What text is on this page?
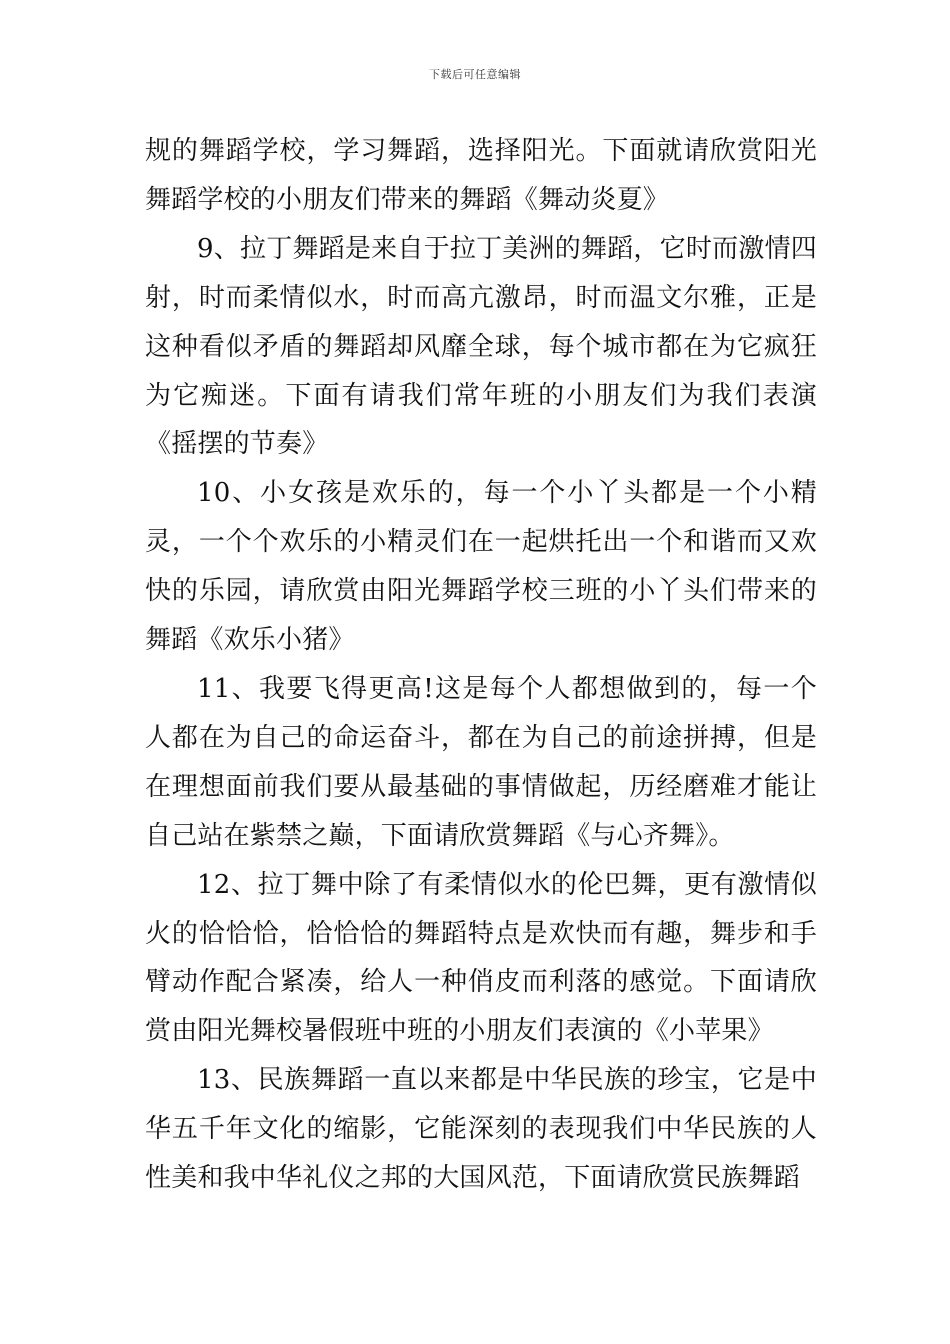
下载后可任意编辑

规的舞蹈学校，学习舞蹈，选择阳光。下面就请欣赏阳光舞蹈学校的小朋友们带来的舞蹈《舞动炎夏》

9、拉丁舞蹈是来自于拉丁美洲的舞蹈，它时而激情四射，时而柔情似水，时而高亢激昂，时而温文尔雅，正是这种看似矛盾的舞蹈却风靡全球，每个城市都在为它疯狂为它痴迷。下面有请我们常年班的小朋友们为我们表演《摇摆的节奏》

10、小女孩是欢乐的，每一个小丫头都是一个小精灵，一个个欢乐的小精灵们在一起烘托出一个和谐而又欢快的乐园，请欣赏由阳光舞蹈学校三班的小丫头们带来的舞蹈《欢乐小猪》

11、我要飞得更高!这是每个人都想做到的，每一个人都在为自己的命运奋斗，都在为自己的前途拼搏，但是在理想面前我们要从最基础的事情做起，历经磨难才能让自己站在紫禁之巅，下面请欣赏舞蹈《与心齐舞》。

12、拉丁舞中除了有柔情似水的伦巴舞，更有激情似火的恰恰恰，恰恰恰的舞蹈特点是欢快而有趣，舞步和手臂动作配合紧凑，给人一种俏皮而利落的感觉。下面请欣赏由阳光舞校暑假班中班的小朋友们表演的《小苹果》

13、民族舞蹈一直以来都是中华民族的珍宝，它是中华五千年文化的缩影，它能深刻的表现我们中华民族的人性美和我中华礼仪之邦的大国风范，下面请欣赏民族舞蹈
